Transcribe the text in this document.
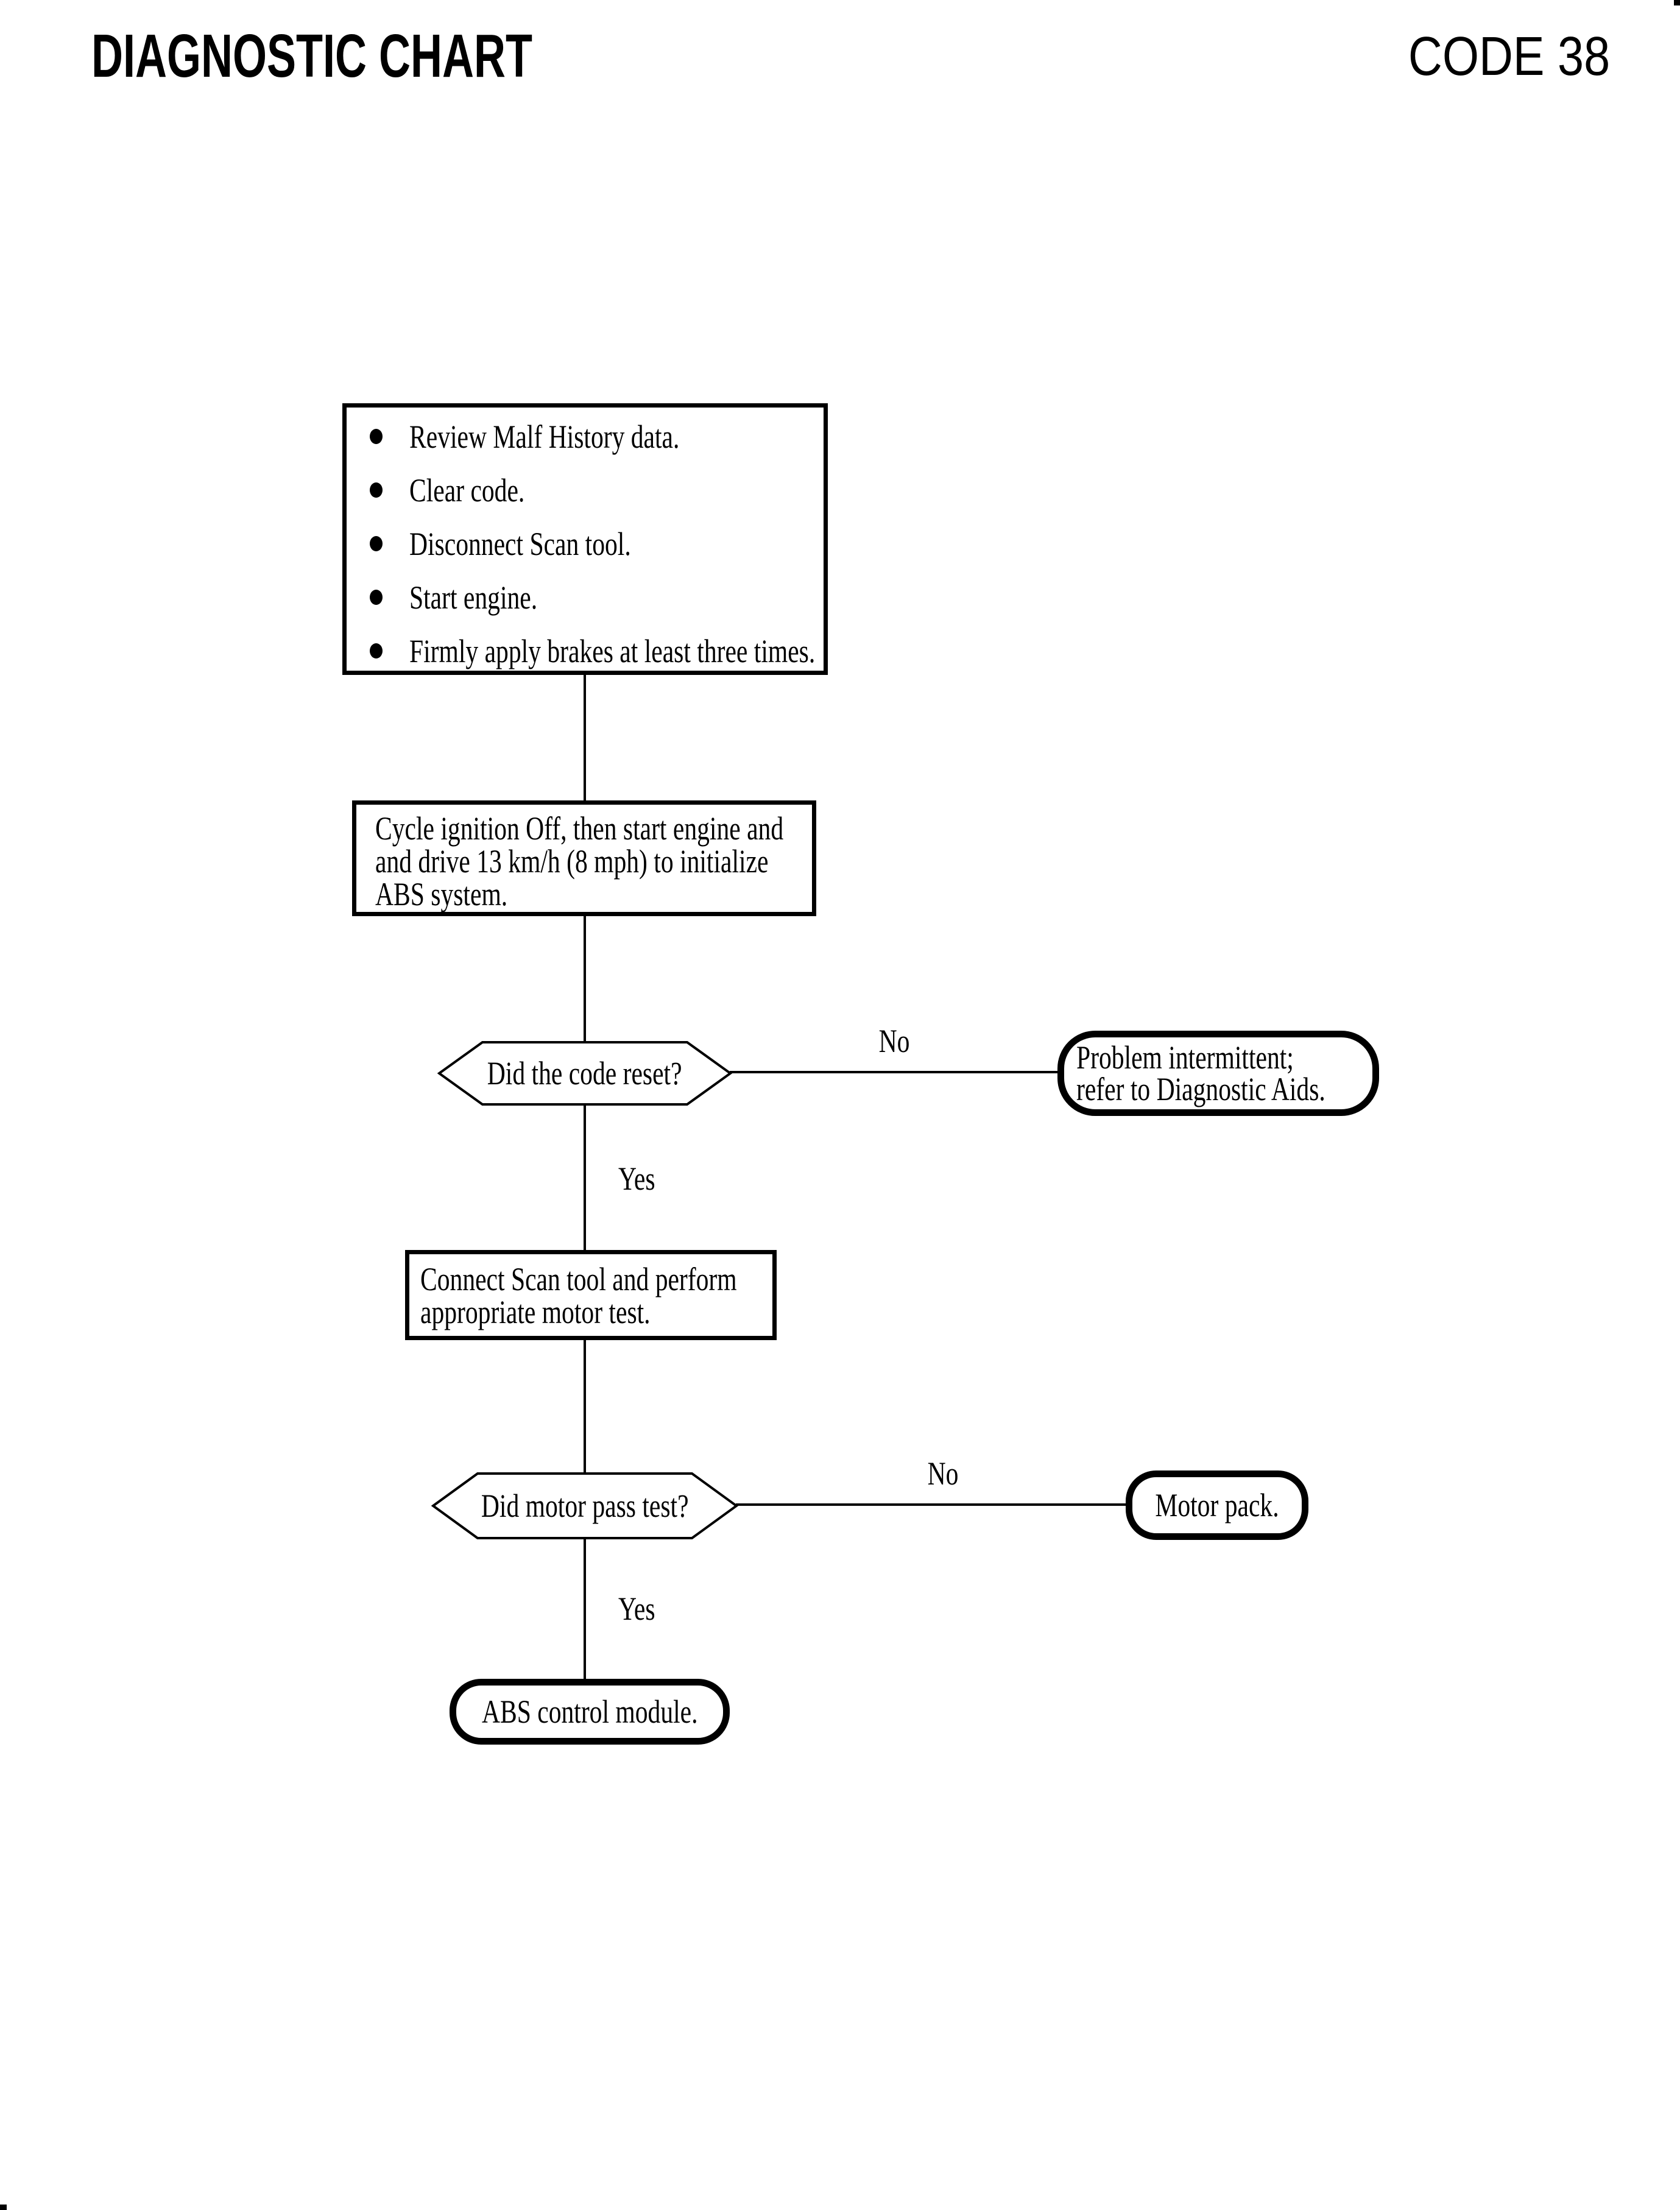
DIAGNOSTIC CHART	CODE 38
Review Malf History data.
Clear code.
Disconnect Scan tool.
Start engine.
Firmly apply brakes at least three times.
Cycle ignition Off, then start engine and
and drive 13 km/h (8 mph) to initialize
ABS system.
Did the code reset?
No	Problem intermittent;
refer to Diagnostic Aids.
Yes
Connect Scan tool and perform
appropriate motor test.
Did motor pass test?
No
Motor pack.
Yes
ABS control module.
